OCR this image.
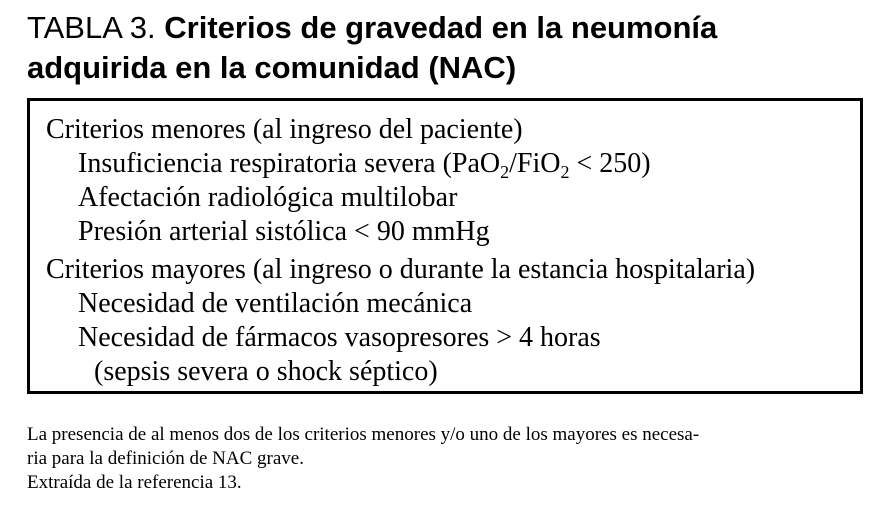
TABLA 3. Criterios de gravedad en la neumonía
adquirida en la comunidad (NAC)
Criterios menores (al ingreso del paciente)
Insuficiencia respiratoria severa (PaO$_2$/FiO$_2$ < 250)
Afectación radiológica multilobar
Presión arterial sistólica < 90 mmHg
Criterios mayores (al ingreso o durante la estancia hospitalaria)
Necesidad de ventilación mecánica
Necesidad de fármacos vasopresores > 4 horas
(sepsis severa o shock séptico)
La presencia de al menos dos de los criterios menores y/o uno de los mayores es necesa-
ria para la definición de NAC grave.
Extraída de la referencia 13.
